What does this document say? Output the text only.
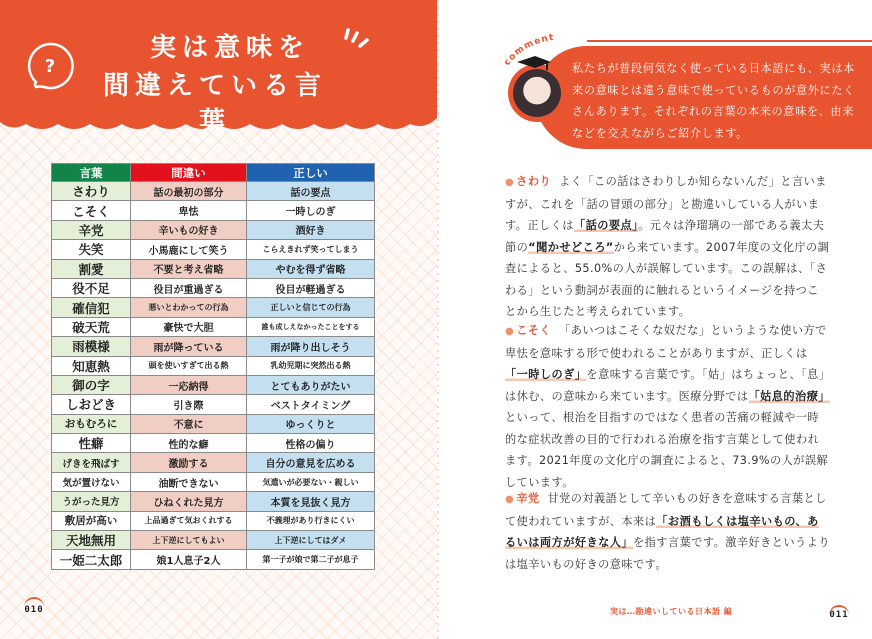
?
実は意味を
間違えている言葉
言葉	間違い	正しい
さわり	話の最初の部分	話の要点
こそく	卑怯	一時しのぎ
辛党	辛いもの好き	酒好き
失笑	小馬鹿にして笑う	こらえきれず笑ってしまう
割愛	不要と考え省略	やむを得ず省略
役不足	役目が重過ぎる	役目が軽過ぎる
確信犯	悪いとわかっての行為	正しいと信じての行為
破天荒	豪快で大胆	誰も成しえなかったことをする
雨模様	雨が降っている	雨が降り出しそう
知恵熱	頭を使いすぎて出る熱	乳幼児期に突然出る熱
御の字	一応納得	とてもありがたい
しおどき	引き際	ベストタイミング
おもむろに	不意に	ゆっくりと
性癖	性的な癖	性格の偏り
げきを飛ばす	激励する	自分の意見を広める
気が置けない	油断できない	気遣いが必要ない・親しい
うがった見方	ひねくれた見方	本質を見抜く見方
敷居が高い	上品過ぎて気おくれする	不義理があり行きにくい
天地無用	上下逆にしてもよい	上下逆にしてはダメ
一姫二太郎	娘1人息子2人	第一子が娘で第二子が息子
010
comment
私たちが普段何気なく使っている日本語にも、実は本来の意味とは違う意味で使っているものが意外にたくさんあります。それぞれの言葉の本来の意味を、由来などを交えながらご紹介します。
● さわり よく「この話はさわりしか知らないんだ」と言いますが、これを「話の冒頭の部分」と勘違いしている人がいます。正しくは「話の要点」。元々は浄瑠璃の一部である義太夫節の“聞かせどころ”から来ています。2007年度の文化庁の調査によると、55.0%の人が誤解しています。この誤解は、「さわる」という動詞が表面的に触れるというイメージを持つことから生じたと考えられています。
● こそく 「あいつはこそくな奴だな」というような使い方で卑怯を意味する形で使われることがありますが、正しくは「一時しのぎ」を意味する言葉です。「姑」はちょっと、「息」は休む、の意味から来ています。医療分野では「姑息的治療」といって、根治を目指すのではなく患者の苦痛の軽減や一時的な症状改善の目的で行われる治療を指す言葉として使われます。2021年度の文化庁の調査によると、73.9%の人が誤解しています。
● 辛党 甘党の対義語として辛いもの好きを意味する言葉として使われていますが、本来は「お酒もしくは塩辛いもの、あるいは両方が好きな人」を指す言葉です。激辛好きというよりは塩辛いもの好きの意味です。
実は…勘違いしている日本語 編	011
